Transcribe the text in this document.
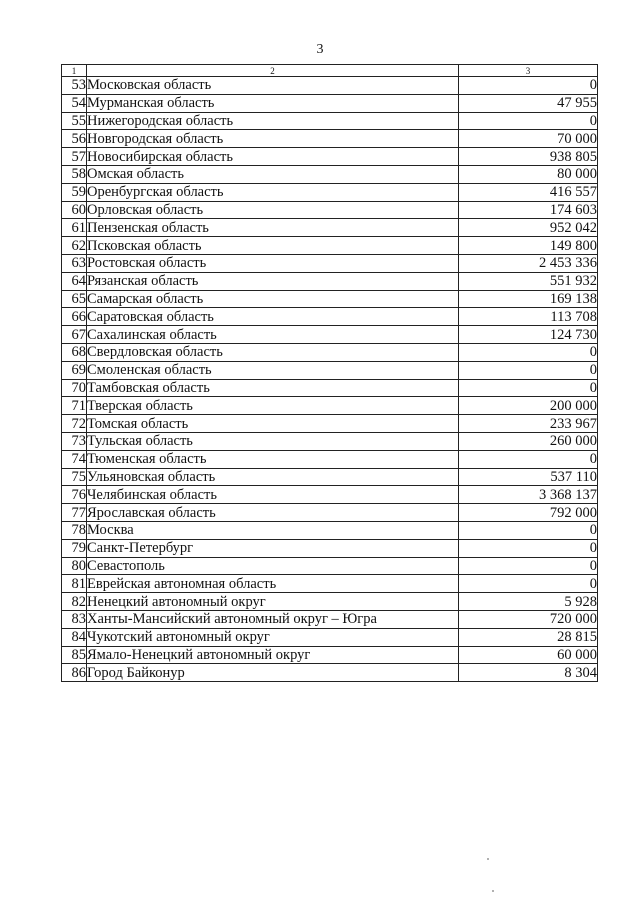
3
1	2	3
53	Московская область	0
54	Мурманская область	47 955
55	Нижегородская область	0
56	Новгородская область	70 000
57	Новосибирская область	938 805
58	Омская область	80 000
59	Оренбургская область	416 557
60	Орловская область	174 603
61	Пензенская область	952 042
62	Псковская область	149 800
63	Ростовская область	2 453 336
64	Рязанская область	551 932
65	Самарская область	169 138
66	Саратовская область	113 708
67	Сахалинская область	124 730
68	Свердловская область	0
69	Смоленская область	0
70	Тамбовская область	0
71	Тверская область	200 000
72	Томская область	233 967
73	Тульская область	260 000
74	Тюменская область	0
75	Ульяновская область	537 110
76	Челябинская область	3 368 137
77	Ярославская область	792 000
78	Москва	0
79	Санкт-Петербург	0
80	Севастополь	0
81	Еврейская автономная область	0
82	Ненецкий автономный округ	5 928
83	Ханты-Мансийский автономный округ – Югра	720 000
84	Чукотский автономный округ	28 815
85	Ямало-Ненецкий автономный округ	60 000
86	Город Байконур	8 304
